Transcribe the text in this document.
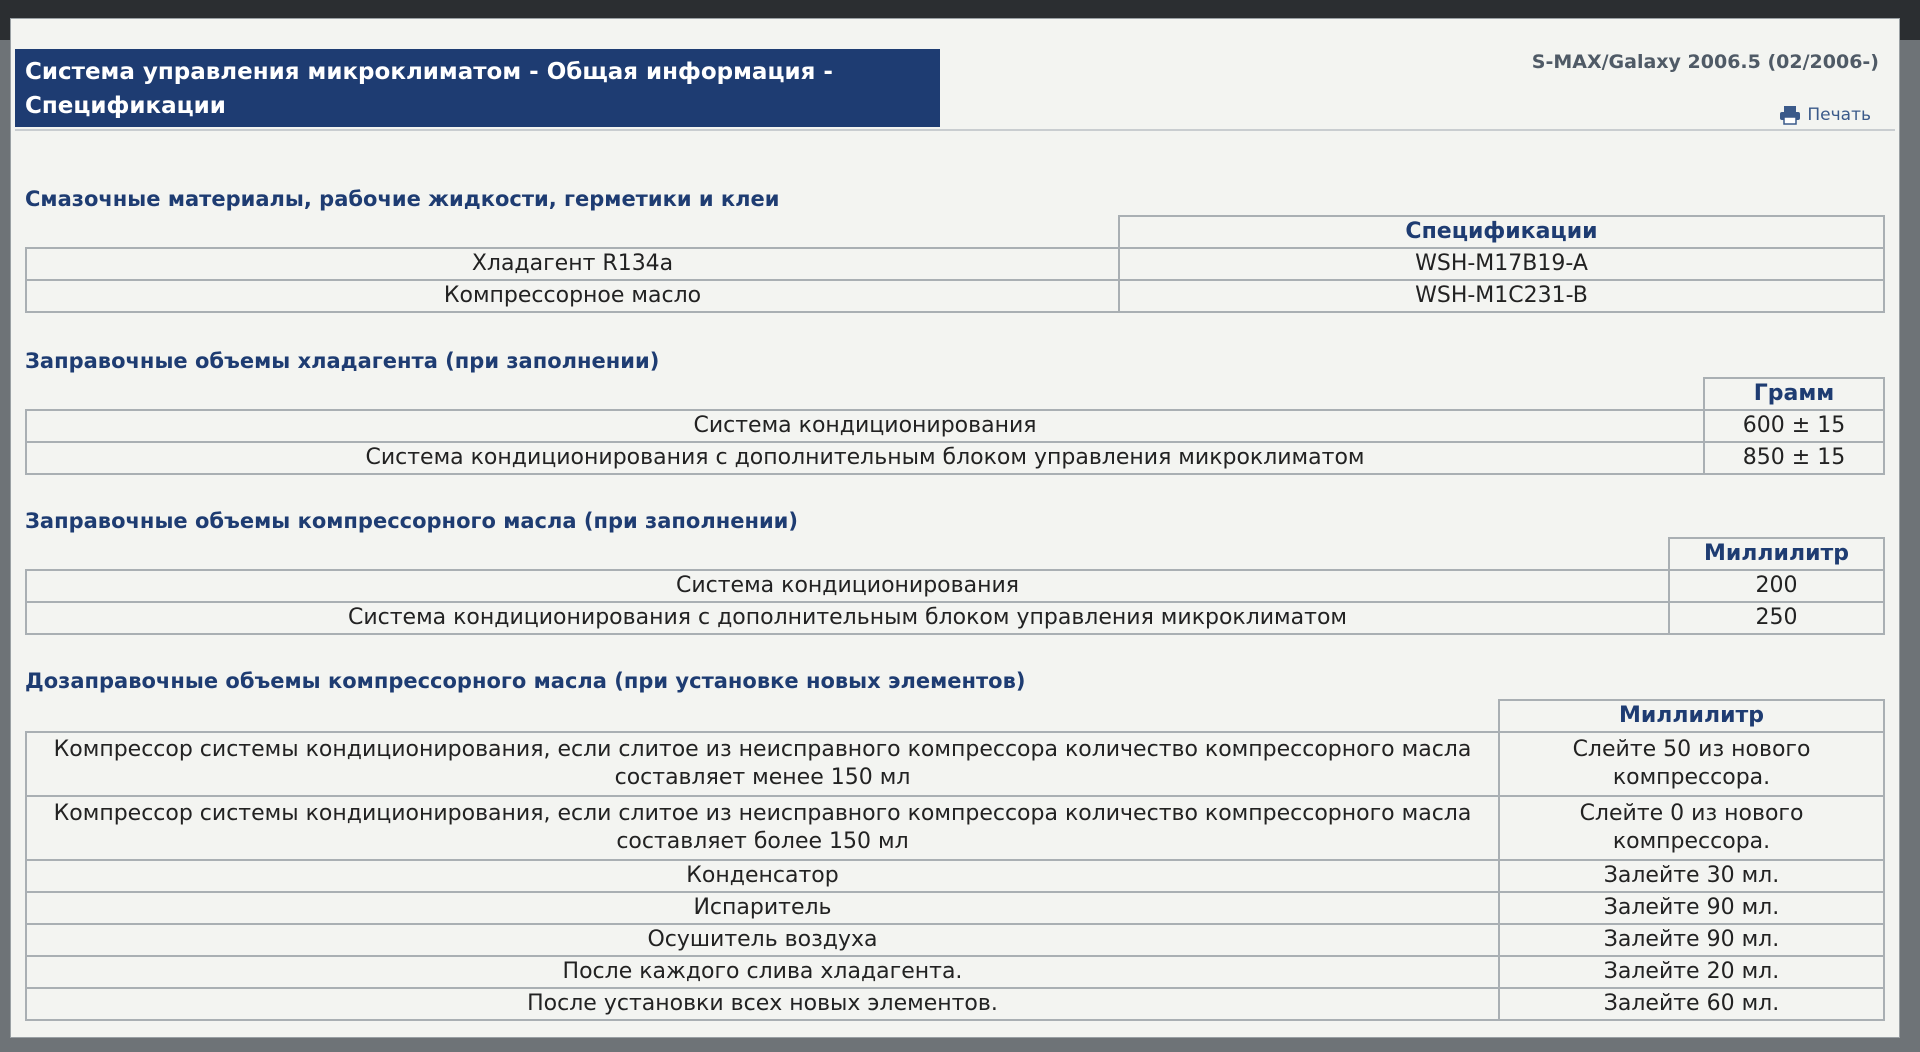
Система управления микроклиматом - Общая информация - Спецификации
S-MAX/Galaxy 2006.5 (02/2006-)
Печать
Смазочные материалы, рабочие жидкости, герметики и клеи
	Спецификации
Хладагент R134a	WSH-M17B19-A
Компрессорное масло	WSH-M1C231-B
Заправочные объемы хладагента (при заполнении)
	Грамм
Система кондиционирования	600 ± 15
Система кондиционирования с дополнительным блоком управления микроклиматом	850 ± 15
Заправочные объемы компрессорного масла (при заполнении)
	Миллилитр
Система кондиционирования	200
Система кондиционирования с дополнительным блоком управления микроклиматом	250
Дозаправочные объемы компрессорного масла (при установке новых элементов)
	Миллилитр
Компрессор системы кондиционирования, если слитое из неисправного компрессора количество компрессорного масла составляет менее 150 мл	Слейте 50 из нового компрессора.
Компрессор системы кондиционирования, если слитое из неисправного компрессора количество компрессорного масла составляет более 150 мл	Слейте 0 из нового компрессора.
Конденсатор	Залейте 30 мл.
Испаритель	Залейте 90 мл.
Осушитель воздуха	Залейте 90 мл.
После каждого слива хладагента.	Залейте 20 мл.
После установки всех новых элементов.	Залейте 60 мл.
